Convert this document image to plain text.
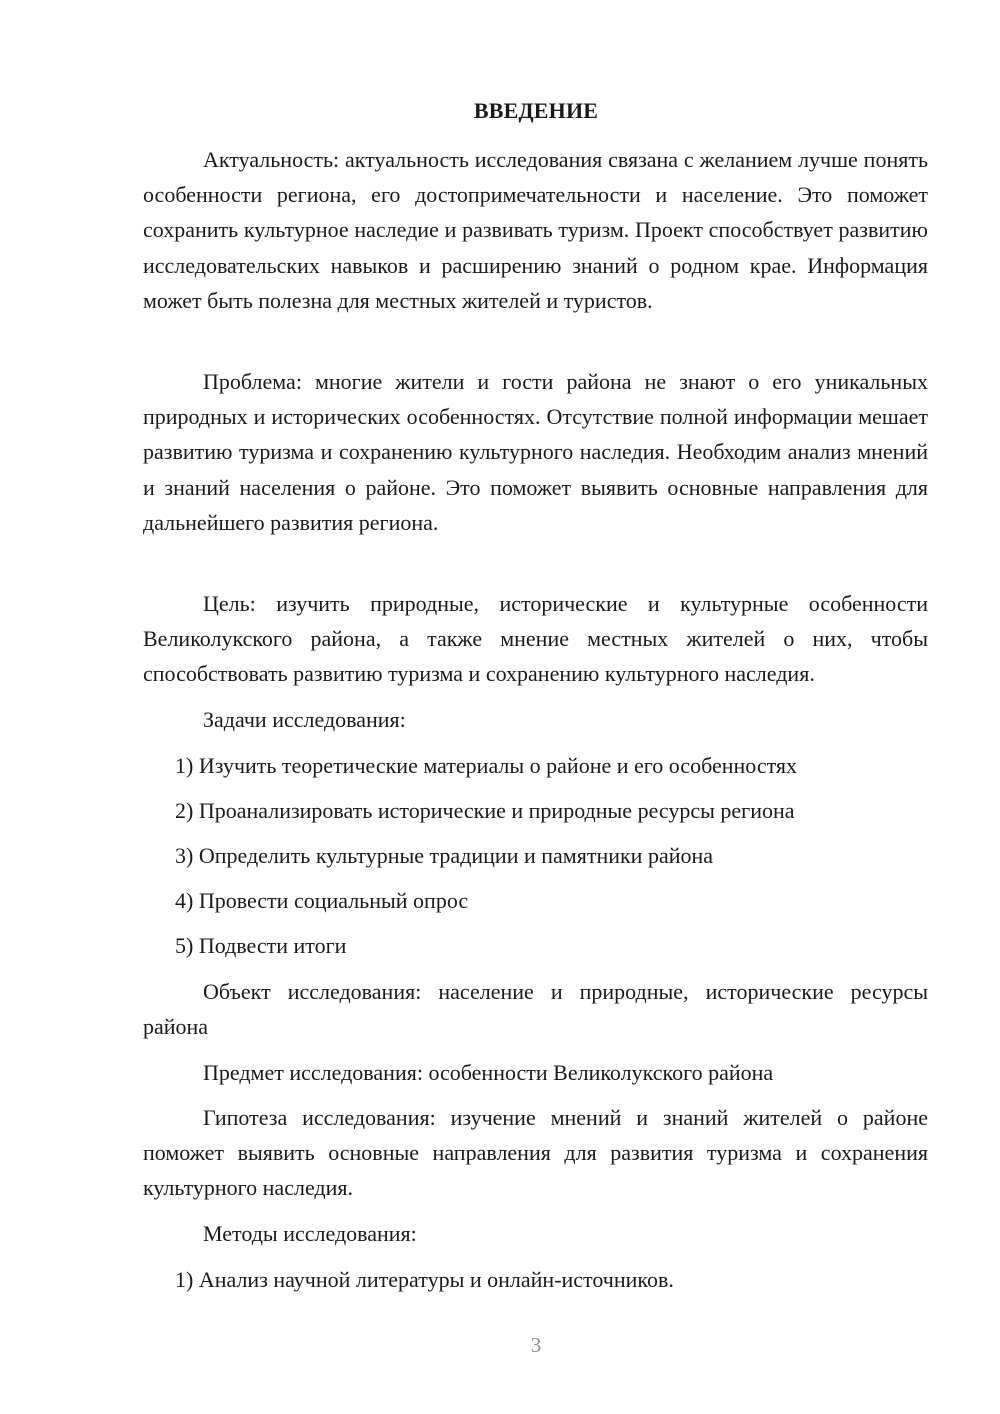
ВВЕДЕНИЕ

Актуальность: актуальность исследования связана с желанием лучше понять особенности региона, его достопримечательности и население. Это поможет сохранить культурное наследие и развивать туризм. Проект способствует развитию исследовательских навыков и расширению знаний о родном крае. Информация может быть полезна для местных жителей и туристов.

Проблема: многие жители и гости района не знают о его уникальных природных и исторических особенностях. Отсутствие полной информации мешает развитию туризма и сохранению культурного наследия. Необходим анализ мнений и знаний населения о районе. Это поможет выявить основные направления для дальнейшего развития региона.

Цель: изучить природные, исторические и культурные особенности Великолукского района, а также мнение местных жителей о них, чтобы способствовать развитию туризма и сохранению культурного наследия.

Задачи исследования:

1) Изучить теоретические материалы о районе и его особенностях
2) Проанализировать исторические и природные ресурсы региона
3) Определить культурные традиции и памятники района
4) Провести социальный опрос
5) Подвести итоги

Объект исследования: население и природные, исторические ресурсы района

Предмет исследования: особенности Великолукского района

Гипотеза исследования: изучение мнений и знаний жителей о районе поможет выявить основные направления для развития туризма и сохранения культурного наследия.

Методы исследования:

1) Анализ научной литературы и онлайн-источников.
3
